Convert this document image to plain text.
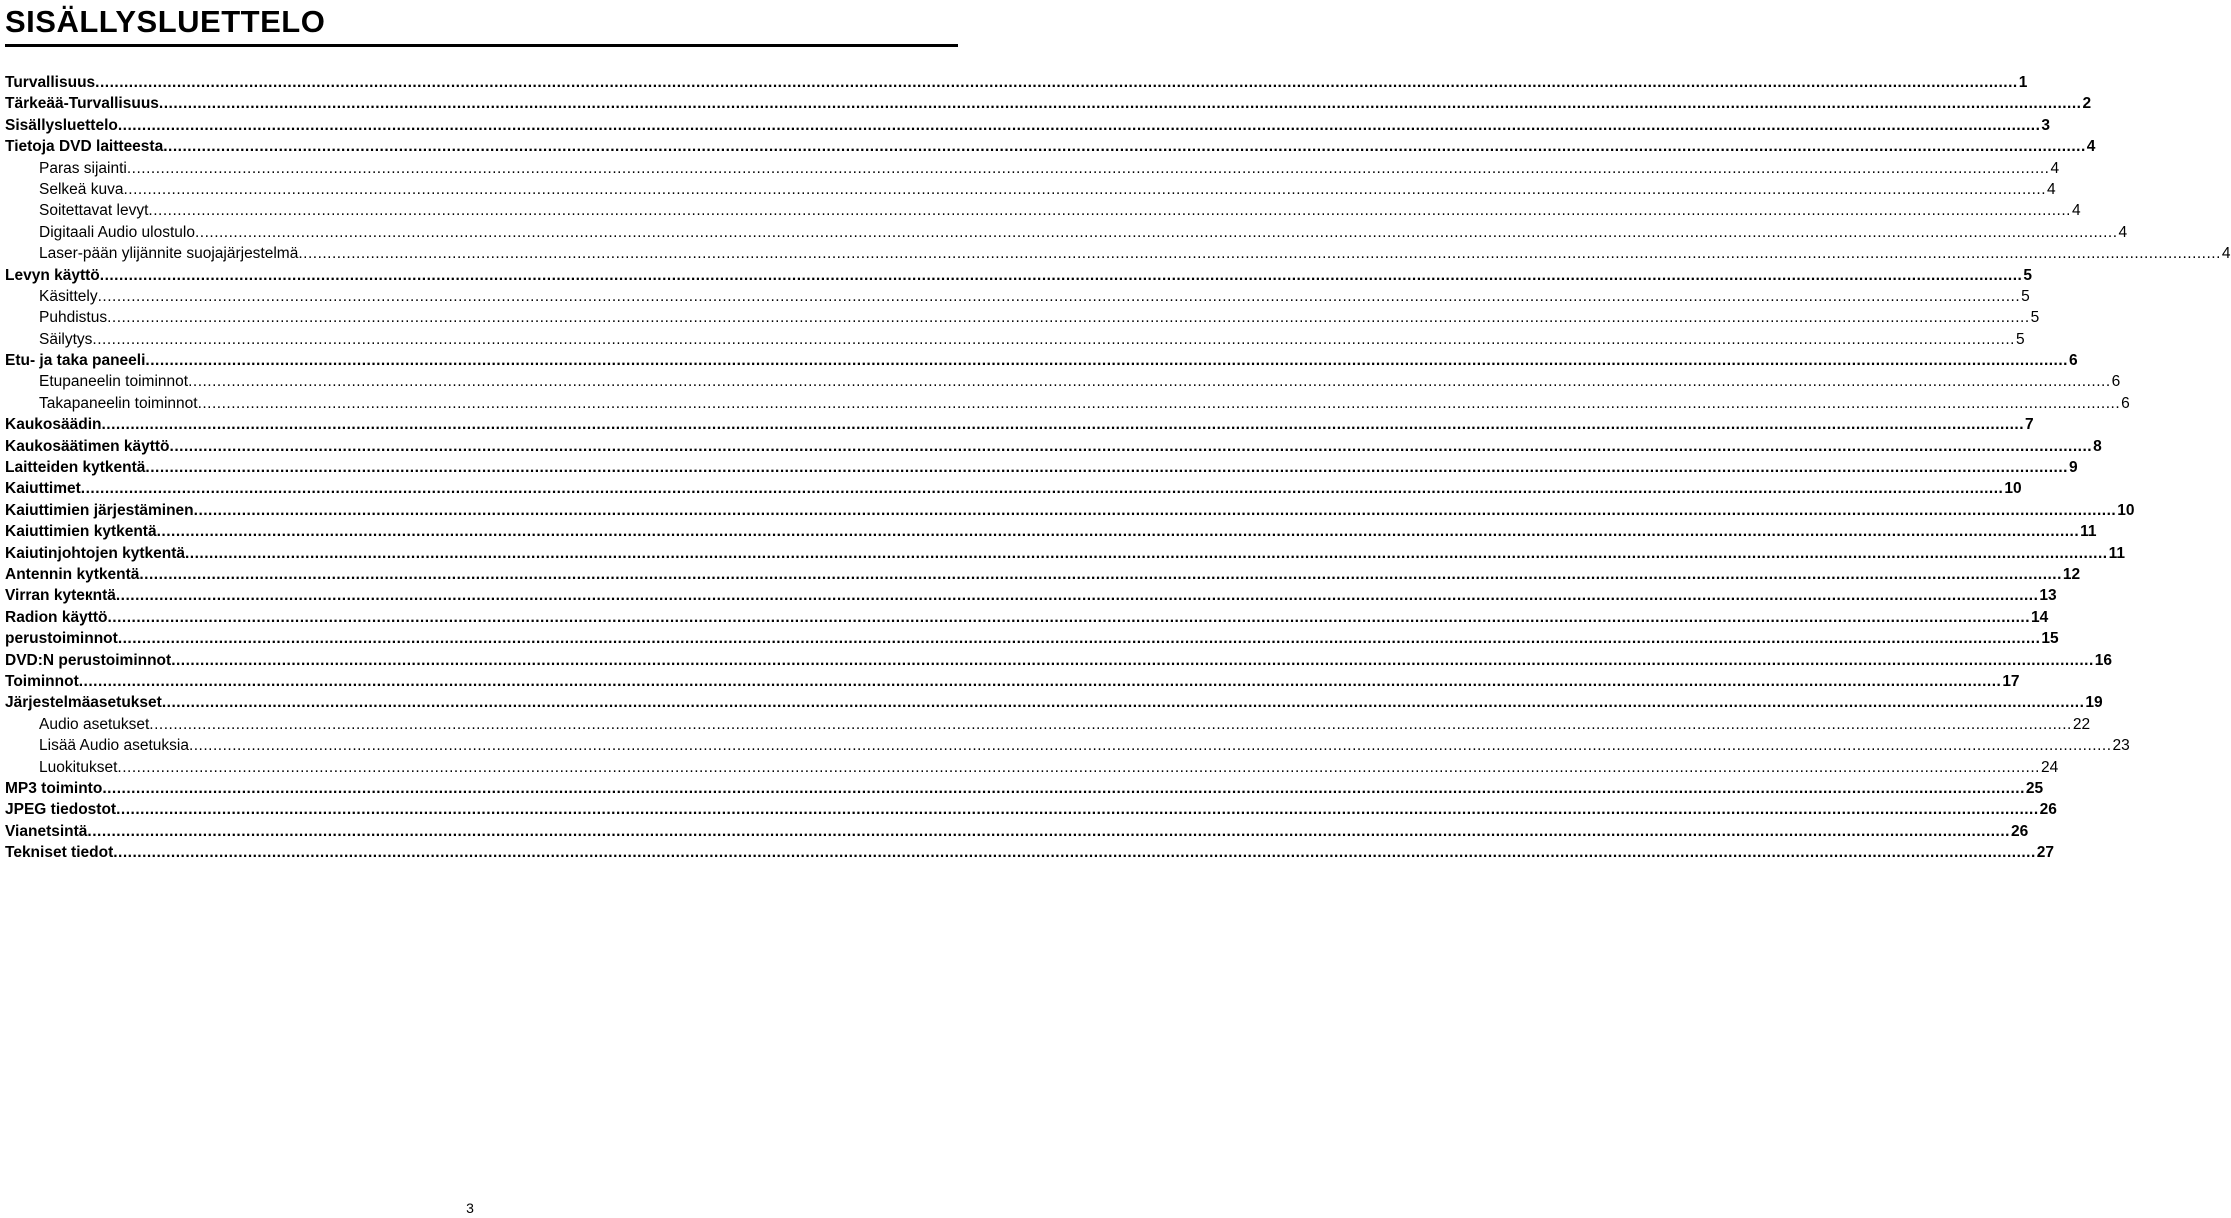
SISÄLLYSLUETTELO
Turvallisuus ................................................................................................................................................................................................................................................................................................................................................................................................................ 1
Tärkeää-Turvallisuus ................................................................................................................................................................................................................................................................................................................................................................................................................ 2
Sisällysluettelo ................................................................................................................................................................................................................................................................................................................................................................................................................ 3
Tietoja DVD laitteesta ................................................................................................................................................................................................................................................................................................................................................................................................................ 4
Paras sijainti ................................................................................................................................................................................................................................................................................................................................................................................................................ 4
Selkeä kuva ................................................................................................................................................................................................................................................................................................................................................................................................................ 4
Soitettavat levyt ................................................................................................................................................................................................................................................................................................................................................................................................................ 4
Digitaali Audio ulostulo ................................................................................................................................................................................................................................................................................................................................................................................................................ 4
Laser-pään ylijännite suojajärjestelmä ................................................................................................................................................................................................................................................................................................................................................................................................................ 4
Levyn käyttö ................................................................................................................................................................................................................................................................................................................................................................................................................ 5
Käsittely ................................................................................................................................................................................................................................................................................................................................................................................................................ 5
Puhdistus ................................................................................................................................................................................................................................................................................................................................................................................................................ 5
Säilytys ................................................................................................................................................................................................................................................................................................................................................................................................................ 5
Etu- ja taka paneeli ................................................................................................................................................................................................................................................................................................................................................................................................................ 6
Etupaneelin toiminnot ................................................................................................................................................................................................................................................................................................................................................................................................................ 6
Takapaneelin toiminnot ................................................................................................................................................................................................................................................................................................................................................................................................................ 6
Kaukosäädin ................................................................................................................................................................................................................................................................................................................................................................................................................ 7
Kaukosäätimen käyttö ................................................................................................................................................................................................................................................................................................................................................................................................................ 8
Laitteiden kytkentä ................................................................................................................................................................................................................................................................................................................................................................................................................ 9
Kaiuttimet ................................................................................................................................................................................................................................................................................................................................................................................................................ 10
Kaiuttimien järjestäminen ................................................................................................................................................................................................................................................................................................................................................................................................................ 10
Kaiuttimien kytkentä ................................................................................................................................................................................................................................................................................................................................................................................................................ 11
Kaiutinjohtojen kytkentä ................................................................................................................................................................................................................................................................................................................................................................................................................ 11
Antennin kytkentä ................................................................................................................................................................................................................................................................................................................................................................................................................ 12
Virran kyteкntä ................................................................................................................................................................................................................................................................................................................................................................................................................ 13
Radion käyttö ................................................................................................................................................................................................................................................................................................................................................................................................................ 14
perustoiminnot ................................................................................................................................................................................................................................................................................................................................................................................................................ 15
DVD:N perustoiminnot ................................................................................................................................................................................................................................................................................................................................................................................................................ 16
Toiminnot ................................................................................................................................................................................................................................................................................................................................................................................................................ 17
Järjestelmäasetukset ................................................................................................................................................................................................................................................................................................................................................................................................................ 19
Audio asetukset ................................................................................................................................................................................................................................................................................................................................................................................................................ 22
Lisää Audio asetuksia ................................................................................................................................................................................................................................................................................................................................................................................................................ 23
Luokitukset ................................................................................................................................................................................................................................................................................................................................................................................................................ 24
MP3 toiminto ................................................................................................................................................................................................................................................................................................................................................................................................................ 25
JPEG tiedostot ................................................................................................................................................................................................................................................................................................................................................................................................................ 26
Vianetsintä ................................................................................................................................................................................................................................................................................................................................................................................................................ 26
Tekniset tiedot ................................................................................................................................................................................................................................................................................................................................................................................................................ 27
3
